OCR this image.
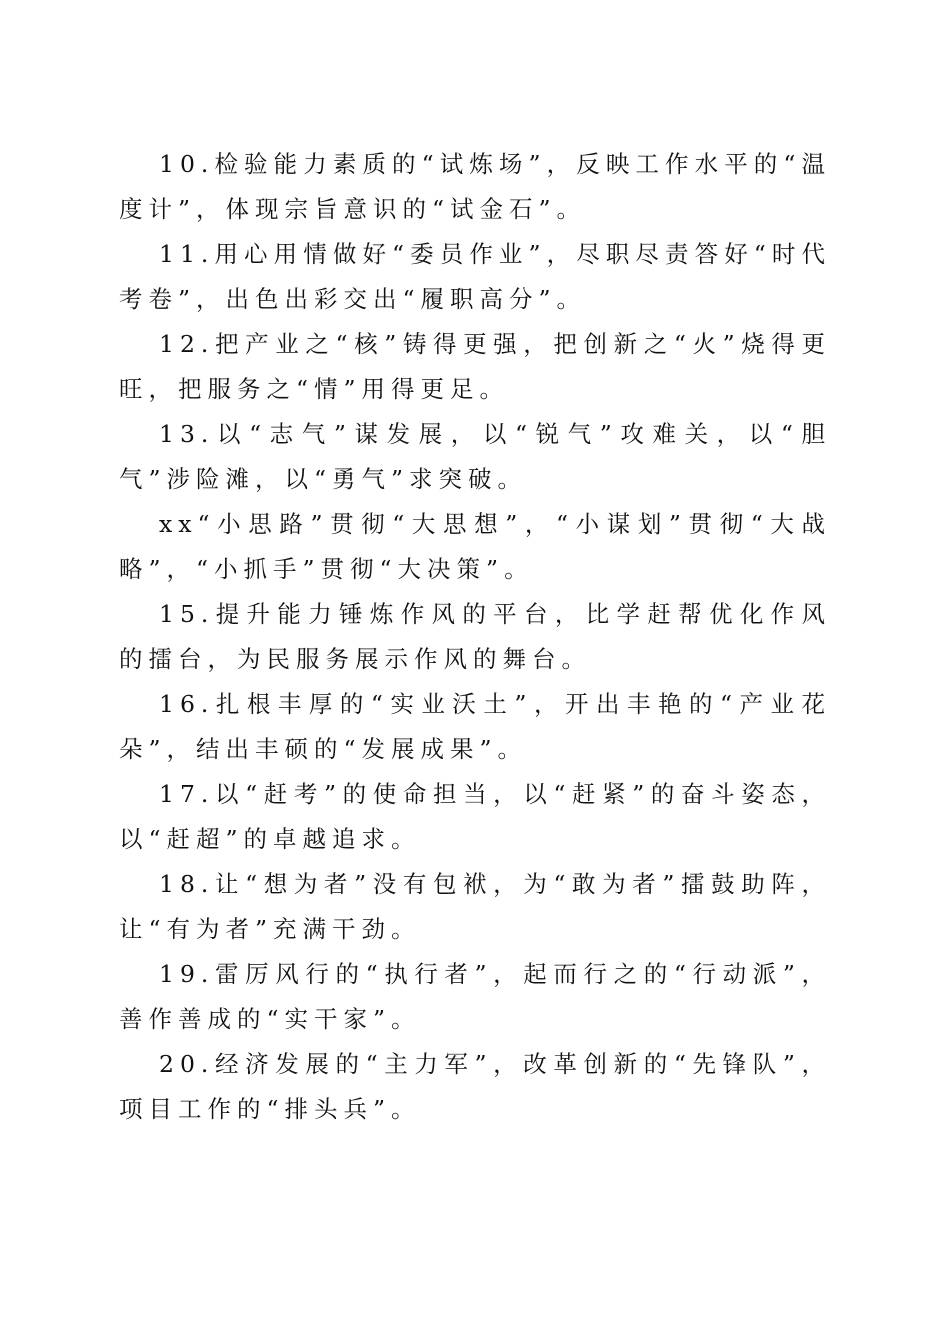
10.检验能力素质的“试炼场”，反映工作水平的“温度计”，体现宗旨意识的“试金石”。

11.用心用情做好“委员作业”，尽职尽责答好“时代考卷”，出色出彩交出“履职高分”。

12.把产业之“核”铸得更强，把创新之“火”烧得更旺，把服务之“情”用得更足。

13.以“志气”谋发展，以“锐气”攻难关，以“胆气”涉险滩，以“勇气”求突破。

xx“小思路”贯彻“大思想”，“小谋划”贯彻“大战略”，“小抓手”贯彻“大决策”。

15.提升能力锤炼作风的平台，比学赶帮优化作风的擂台，为民服务展示作风的舞台。

16.扎根丰厚的“实业沃土”，开出丰艳的“产业花朵”，结出丰硕的“发展成果”。

17.以“赶考”的使命担当，以“赶紧”的奋斗姿态，以“赶超”的卓越追求。

18.让“想为者”没有包袱，为“敢为者”擂鼓助阵，让“有为者”充满干劲。

19.雷厉风行的“执行者”，起而行之的“行动派”，善作善成的“实干家”。

20.经济发展的“主力军”，改革创新的“先锋队”，项目工作的“排头兵”。
